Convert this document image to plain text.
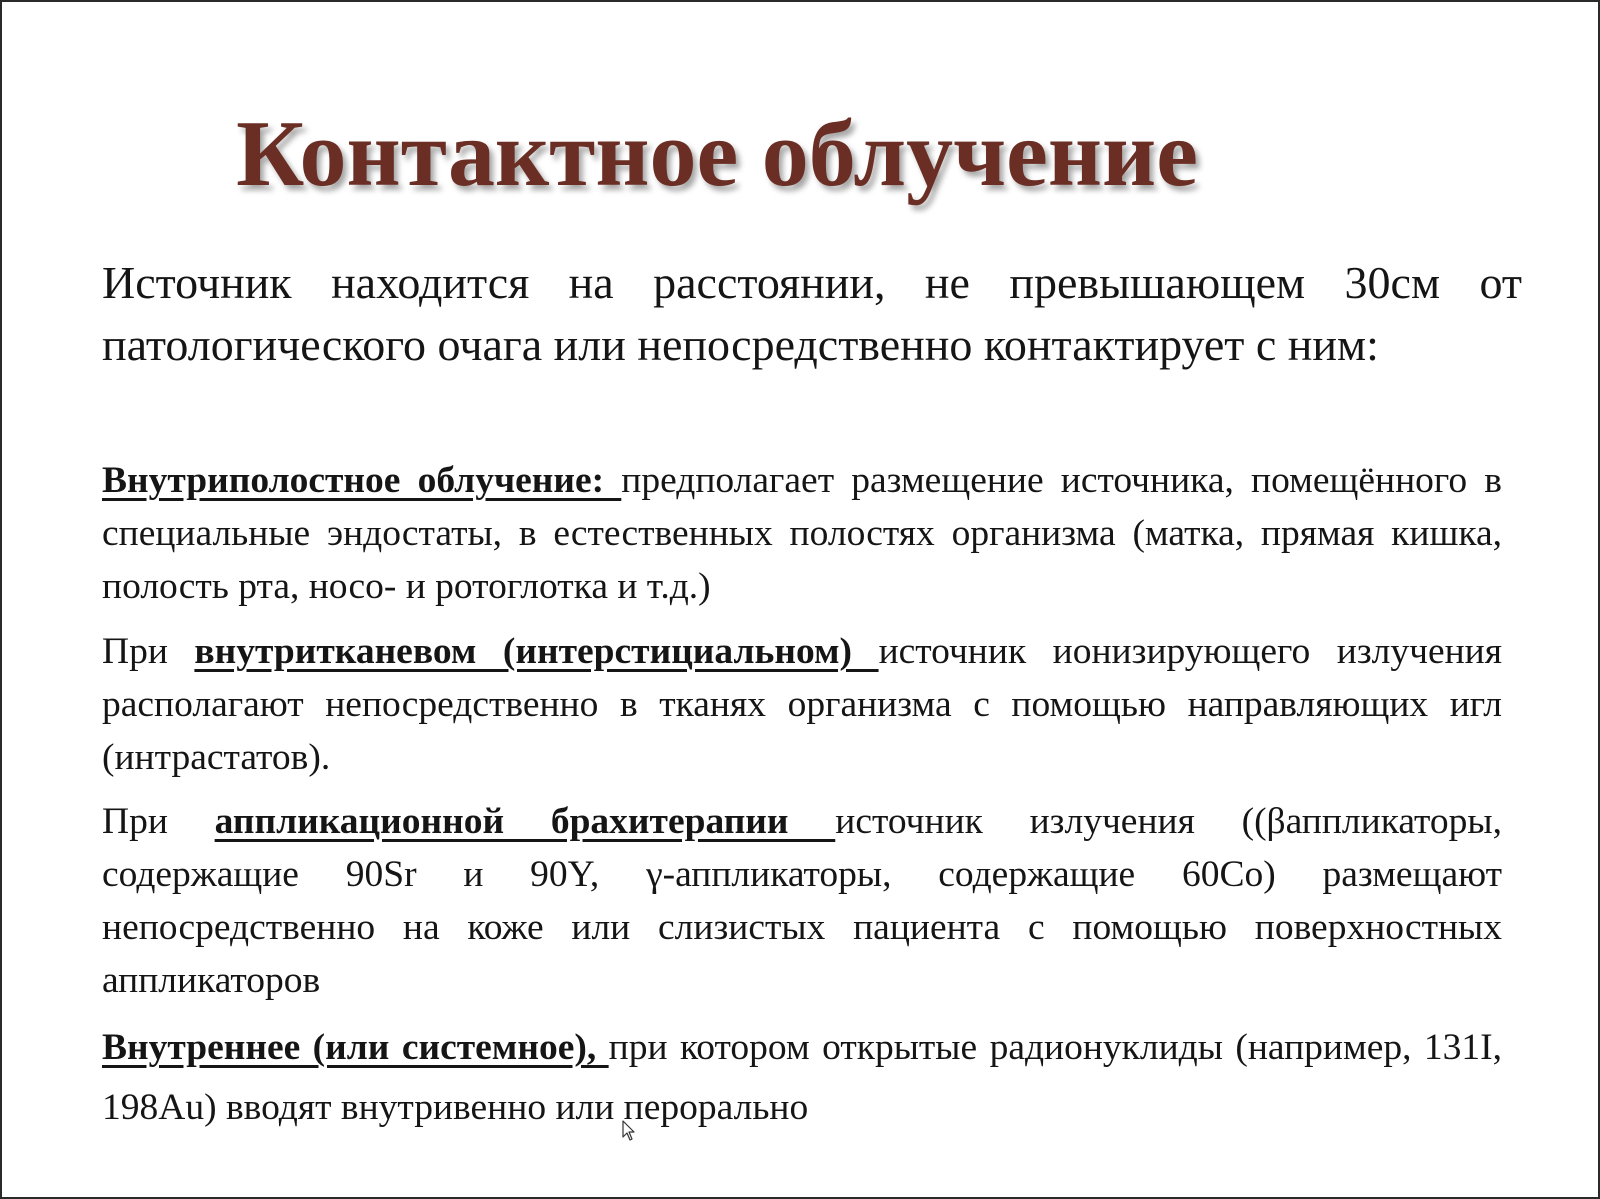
Контактное облучение
Источник находится на расстоянии, не превышающем 30см от патологического очага или непосредственно контактирует с ним:
Внутриполостное облучение: предполагает размещение источника, помещённого в специальные эндостаты, в естественных полостях организма (матка, прямая кишка, полость рта, носо- и ротоглотка и т.д.)
При внутритканевом (интерстициальном) источник ионизирующего излучения располагают непосредственно в тканях организма с помощью направляющих игл (интрастатов).
При аппликационной брахитерапии источник излучения ((βаппликаторы, содержащие 90Sr и 90Y, γ-аппликаторы, содержащие 60Co) размещают непосредственно на коже или слизистых пациента с помощью поверхностных аппликаторов
Внутреннее (или системное), при котором открытые радионуклиды (например, 131I, 198Au) вводят внутривенно или перорально
